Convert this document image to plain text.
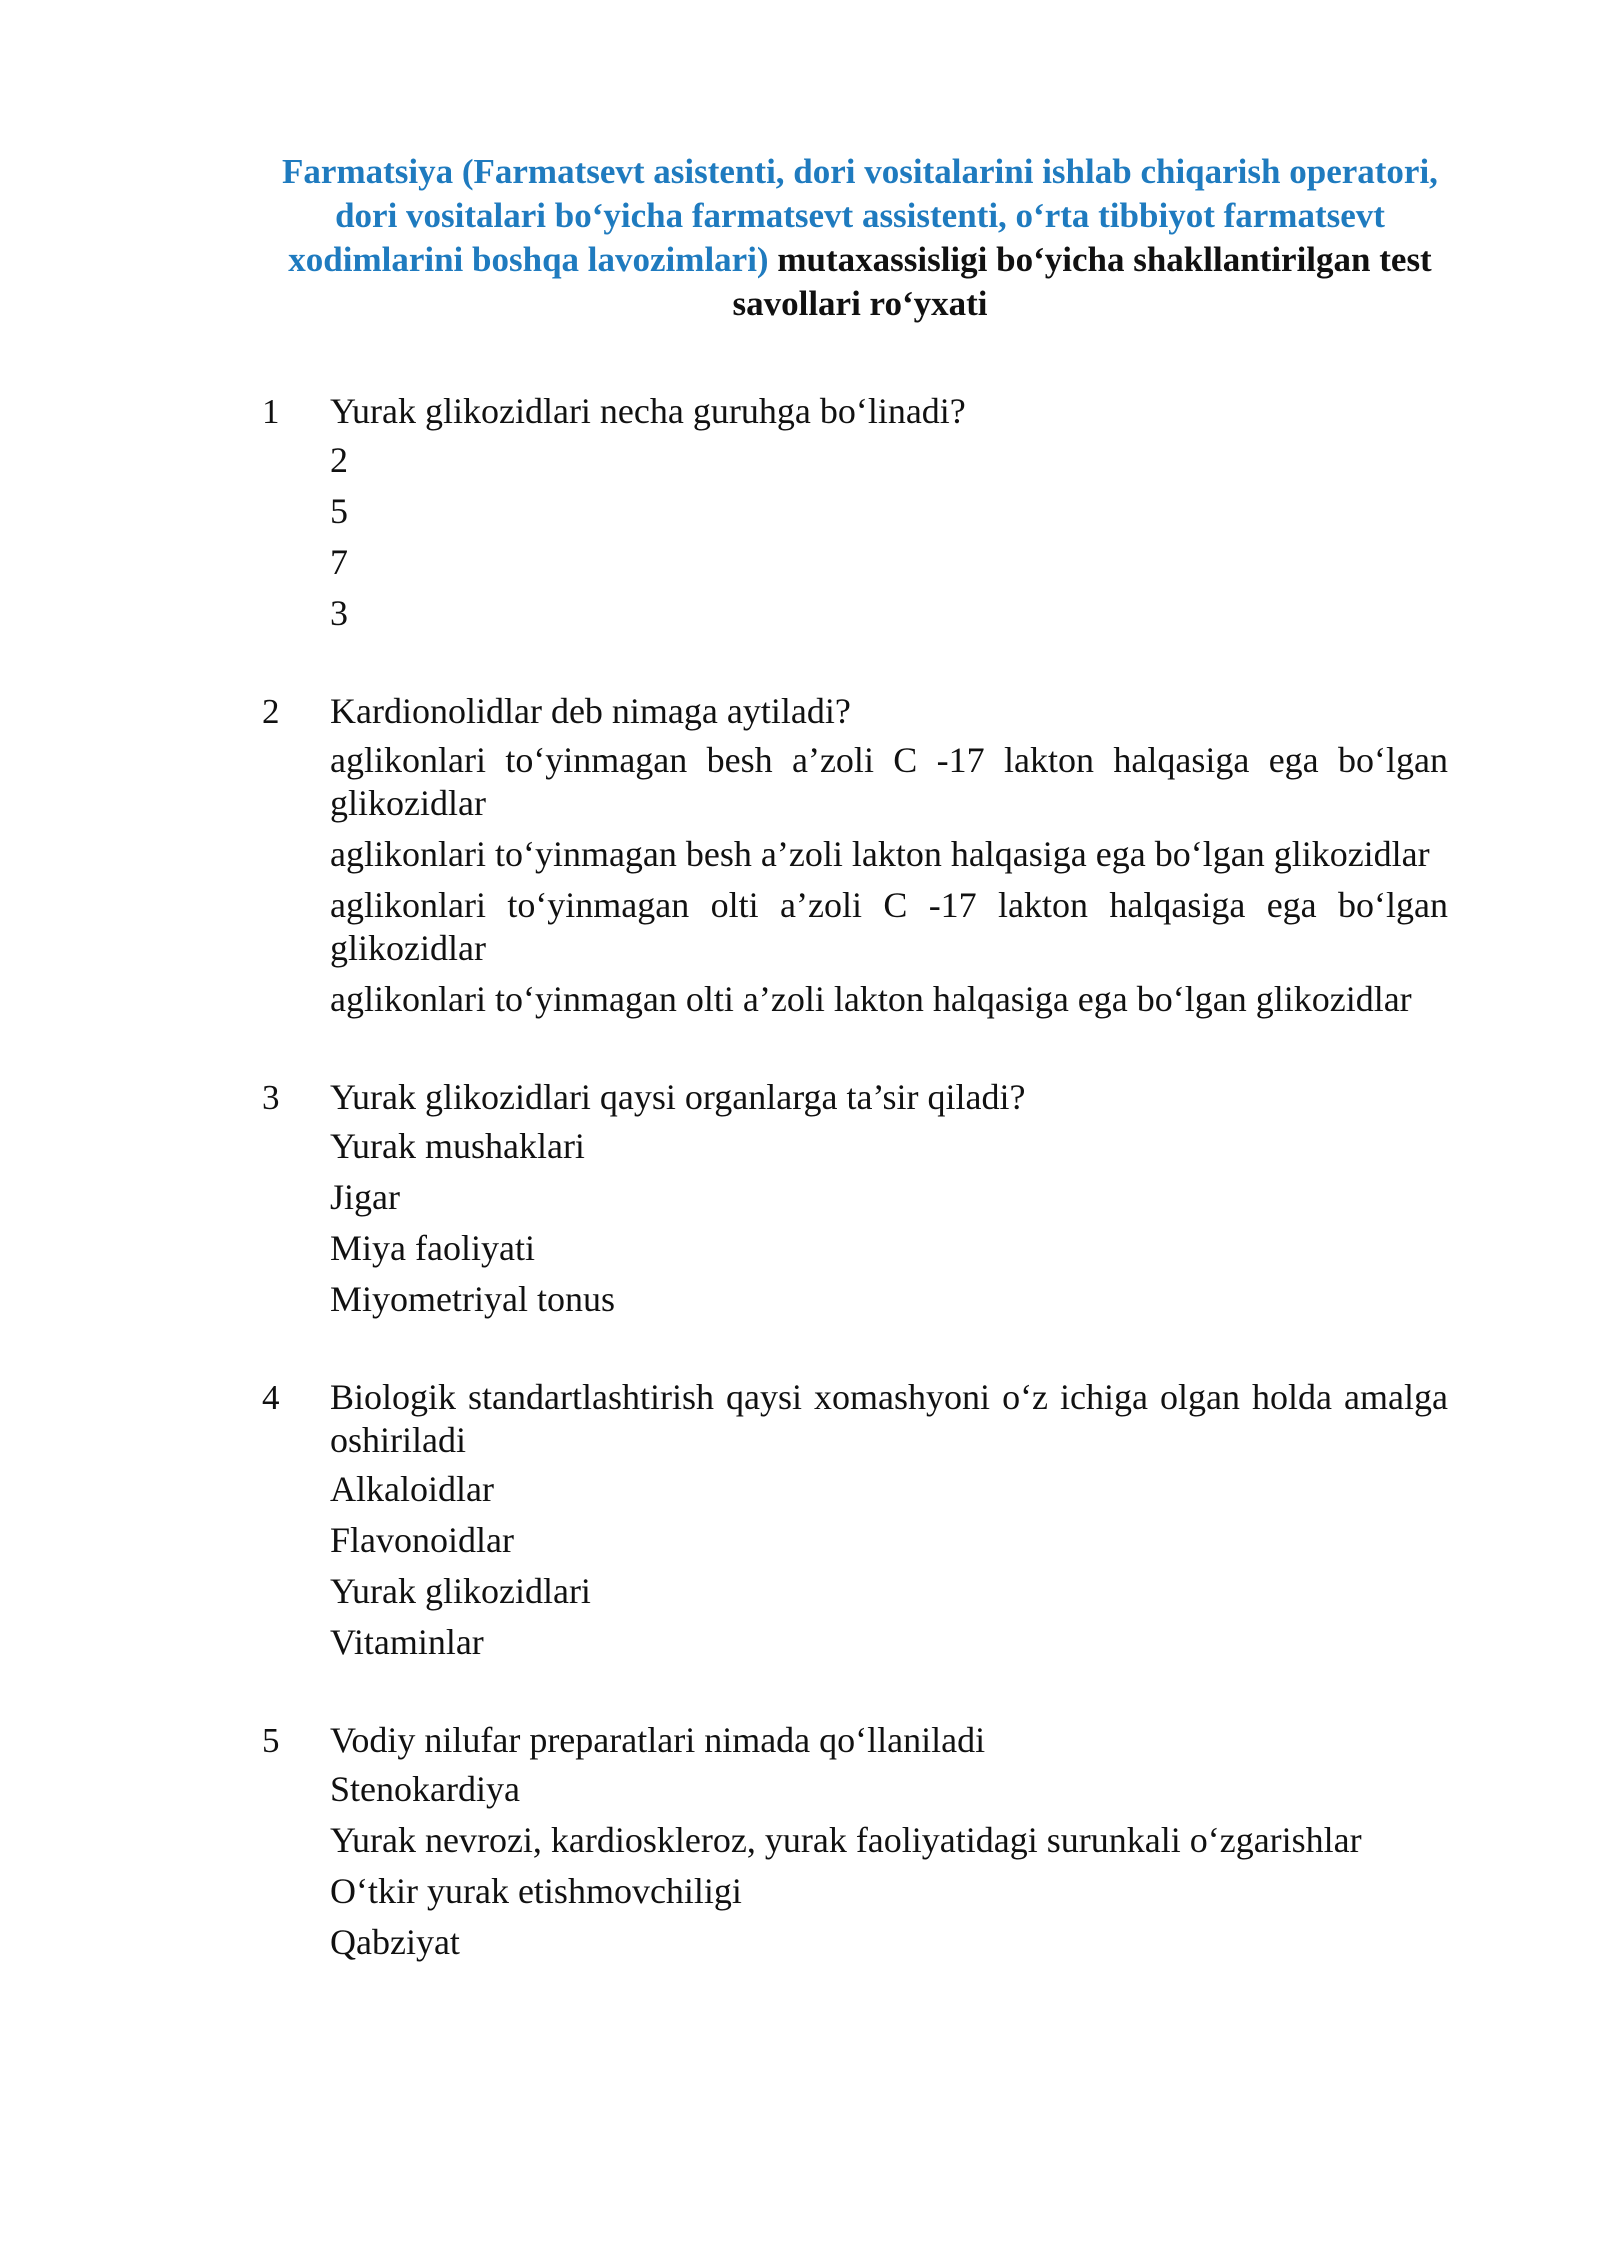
Farmatsiya (Farmatsevt asistenti, dori vositalarini ishlab chiqarish operatori, dori vositalari bo‘yicha farmatsevt assistenti, o‘rta tibbiyot farmatsevt xodimlarini boshqa lavozimlari) mutaxassisligi bo‘yicha shakllantirilgan test savollari ro‘yxati
1	Yurak glikozidlari necha guruhga bo‘linadi?

2
5
7
3
2	Kardionolidlar deb nimaga aytiladi?

aglikonlari to‘yinmagan besh a’zoli C -17 lakton halqasiga ega bo‘lgan glikozidlar
aglikonlari to‘yinmagan besh a’zoli lakton halqasiga ega bo‘lgan glikozidlar
aglikonlari to‘yinmagan olti a’zoli C -17 lakton halqasiga ega bo‘lgan glikozidlar
aglikonlari to‘yinmagan olti a’zoli lakton halqasiga ega bo‘lgan glikozidlar
3	Yurak glikozidlari qaysi organlarga ta’sir qiladi?

Yurak mushaklari
Jigar
Miya faoliyati
Miyometriyal tonus
4	Biologik standartlashtirish qaysi xomashyoni o‘z ichiga olgan holda amalga oshiriladi

Alkaloidlar
Flavonoidlar
Yurak glikozidlari
Vitaminlar
5	Vodiy nilufar preparatlari nimada qo‘llaniladi

Stenokardiya
Yurak nevrozi, kardioskleroz, yurak faoliyatidagi surunkali o‘zgarishlar
O‘tkir yurak etishmovchiligi
Qabziyat
